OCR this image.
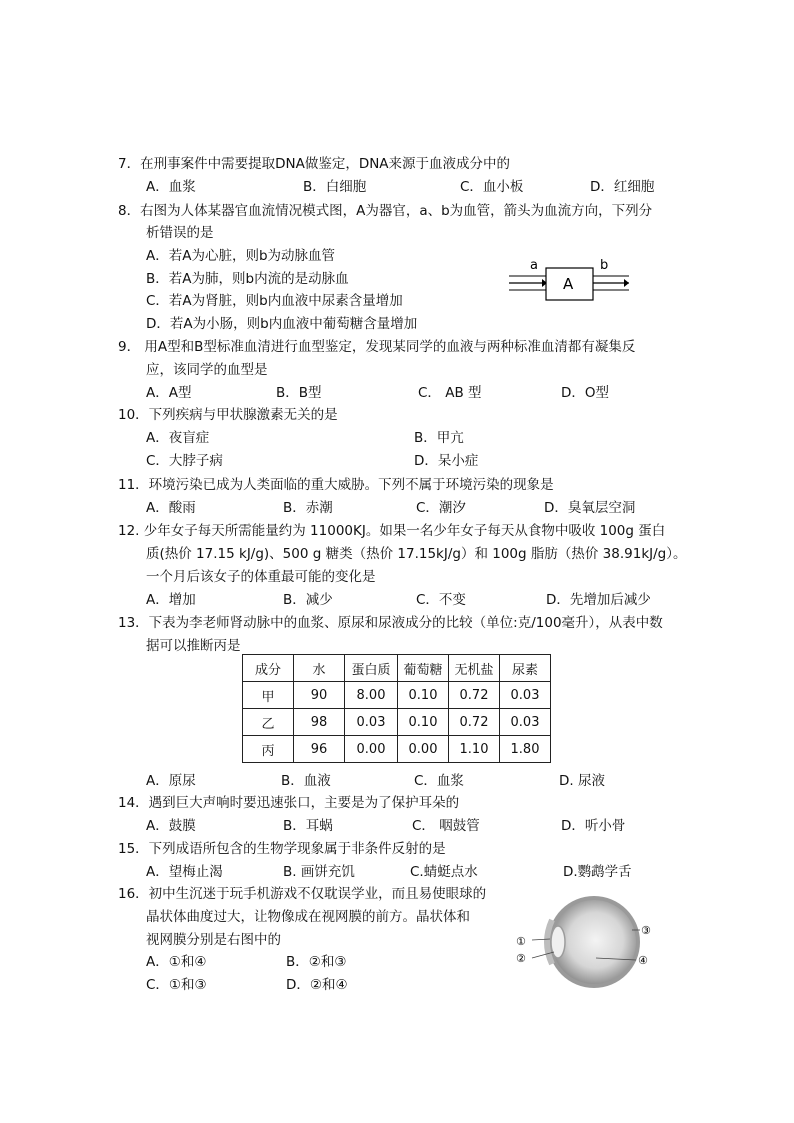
7．在刑事案件中需要提取DNA做鉴定，DNA来源于血液成分中的
A．血浆	B．白细胞	C．血小板	D．红细胞
8．右图为人体某器官血流情况模式图，A为器官，a、b为血管，箭头为血流方向，下列分
析错误的是
A．若A为心脏，则b为动脉血管
B．若A为肺，则b内流的是动脉血
C．若A为肾脏，则b内血液中尿素含量增加
D．若A为小肠，则b内血液中葡萄糖含量增加
a	b
A
9． 用A型和B型标准血清进行血型鉴定，发现某同学的血液与两种标准血清都有凝集反
应，该同学的血型是
A．A型	B．B型	C． AB 型	D．O型
10．下列疾病与甲状腺激素无关的是
A．夜盲症	B．甲亢
C．大脖子病	D．呆小症
11．环境污染已成为人类面临的重大威胁。下列不属于环境污染的现象是
A．酸雨	B．赤潮	C．潮汐	D．臭氧层空洞
12. 少年女子每天所需能量约为 11000KJ。如果一名少年女子每天从食物中吸收 100g 蛋白
质(热价 17.15 kJ/g)、500 g 糖类（热价 17.15kJ/g）和 100g 脂肪（热价 38.91kJ/g）。
一个月后该女子的体重最可能的变化是
A．增加	B．减少	C．不变	D．先增加后减少
13．下表为李老师肾动脉中的血浆、原尿和尿液成分的比较（单位:克/100毫升），从表中数
据可以推断丙是
成分	水	蛋白质	葡萄糖	无机盐	尿素
甲	90	8.00	0.10	0.72	0.03
乙	98	0.03	0.10	0.72	0.03
丙	96	0.00	0.00	1.10	1.80
A．原尿	B．血液	C．血浆	D. 尿液
14．遇到巨大声响时要迅速张口，主要是为了保护耳朵的
A．鼓膜	B．耳蜗	C． 咽鼓管	D．听小骨
15．下列成语所包含的生物学现象属于非条件反射的是
A．望梅止渴	B. 画饼充饥	C.蜻蜓点水	D.鹦鹉学舌
16．初中生沉迷于玩手机游戏不仅耽误学业，而且易使眼球的
晶状体曲度过大，让物像成在视网膜的前方。晶状体和
视网膜分别是右图中的
A．①和④	B．②和③
C．①和③	D．②和④
①
②
③
④
